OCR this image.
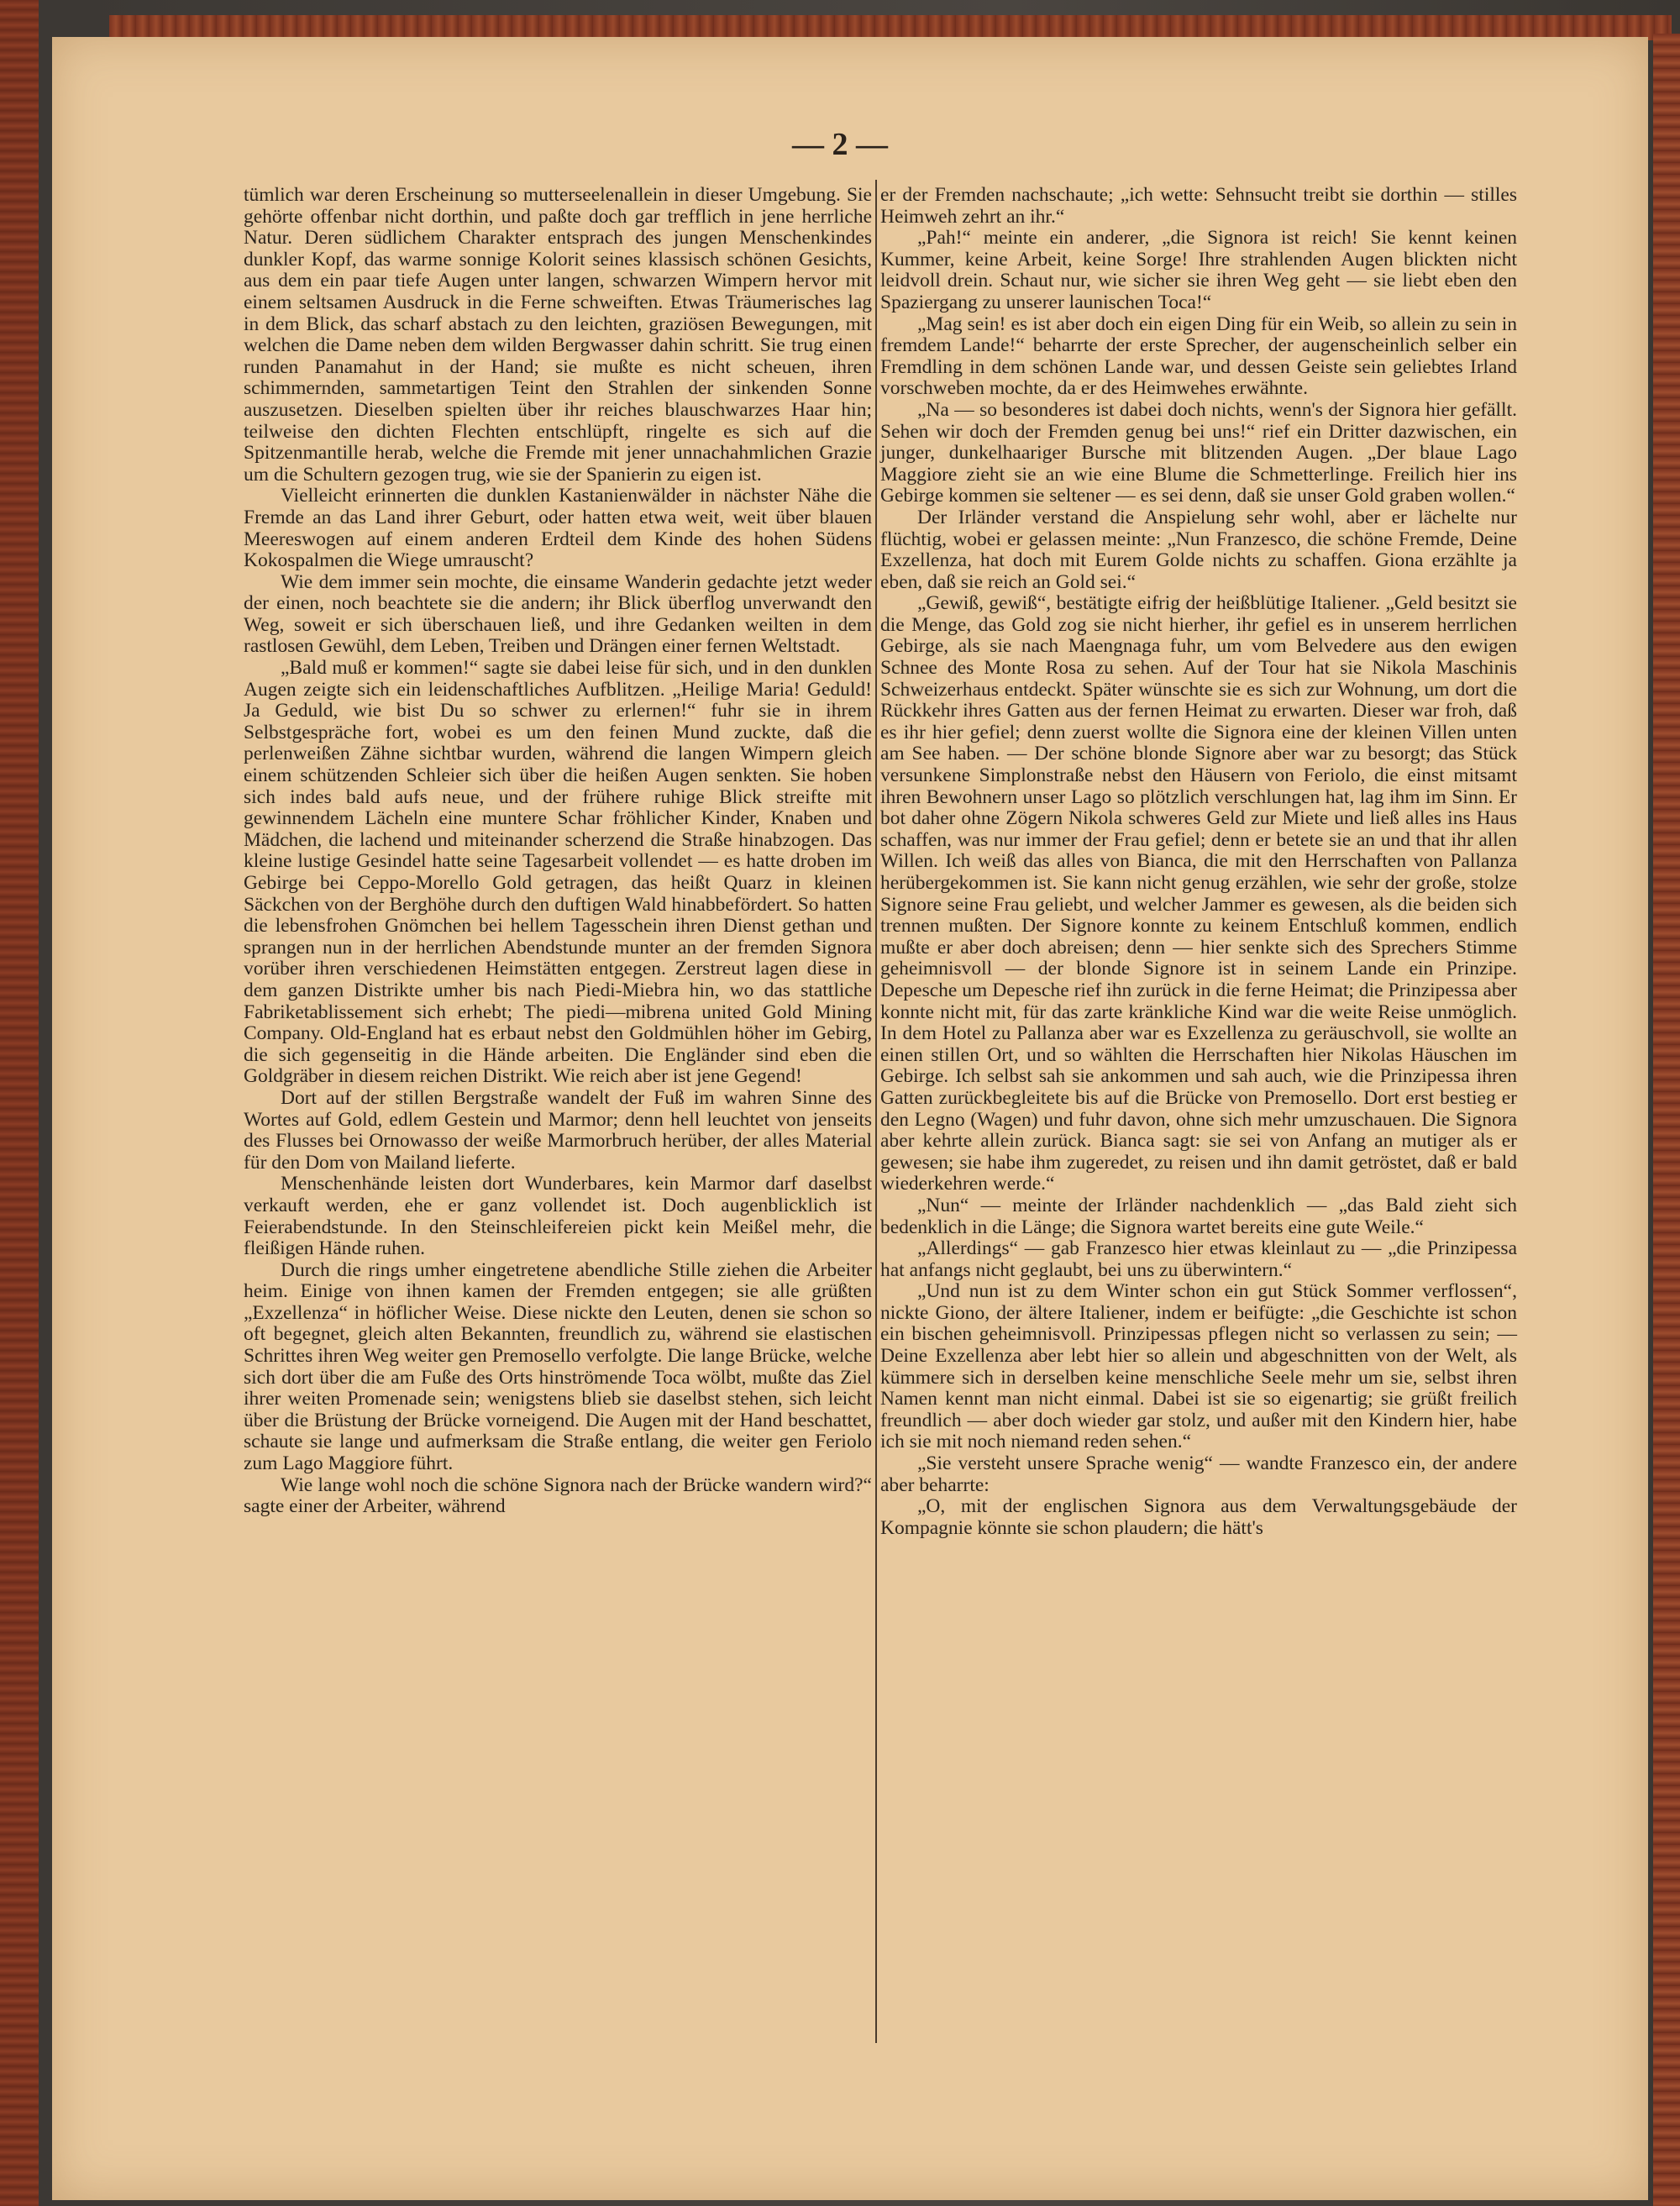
— 2 —

tümlich war deren Erscheinung so mutterseelenallein in dieser Umgebung. Sie gehörte offenbar nicht dorthin, und paßte doch gar trefflich in jene herrliche Natur. Deren südlichem Charakter entsprach des jungen Menschenkindes dunkler Kopf, das warme sonnige Kolorit seines klassisch schönen Gesichts, aus dem ein paar tiefe Augen unter langen, schwarzen Wimpern hervor mit einem seltsamen Ausdruck in die Ferne schweiften. Etwas Träumerisches lag in dem Blick, das scharf abstach zu den leichten, graziösen Bewegungen, mit welchen die Dame neben dem wilden Bergwasser dahin schritt. Sie trug einen runden Panamahut in der Hand; sie mußte es nicht scheuen, ihren schimmernden, sammetartigen Teint den Strahlen der sinkenden Sonne auszusetzen. Dieselben spielten über ihr reiches blauschwarzes Haar hin; teilweise den dichten Flechten entschlüpft, ringelte es sich auf die Spitzenmantille herab, welche die Fremde mit jener unnachahmlichen Grazie um die Schultern gezogen trug, wie sie der Spanierin zu eigen ist.

Vielleicht erinnerten die dunklen Kastanienwälder in nächster Nähe die Fremde an das Land ihrer Geburt, oder hatten etwa weit, weit über blauen Meereswogen auf einem anderen Erdteil dem Kinde des hohen Südens Kokospalmen die Wiege umrauscht?

Wie dem immer sein mochte, die einsame Wanderin gedachte jetzt weder der einen, noch beachtete sie die andern; ihr Blick überflog unverwandt den Weg, soweit er sich überschauen ließ, und ihre Gedanken weilten in dem rastlosen Gewühl, dem Leben, Treiben und Drängen einer fernen Weltstadt.

„Bald muß er kommen!“ sagte sie dabei leise für sich, und in den dunklen Augen zeigte sich ein leidenschaftliches Aufblitzen. „Heilige Maria! Geduld! Ja Geduld, wie bist Du so schwer zu erlernen!“ fuhr sie in ihrem Selbstgespräche fort, wobei es um den feinen Mund zuckte, daß die perlenweißen Zähne sichtbar wurden, während die langen Wimpern gleich einem schützenden Schleier sich über die heißen Augen senkten. Sie hoben sich indes bald aufs neue, und der frühere ruhige Blick streifte mit gewinnendem Lächeln eine muntere Schar fröhlicher Kinder, Knaben und Mädchen, die lachend und miteinander scherzend die Straße hinabzogen. Das kleine lustige Gesindel hatte seine Tagesarbeit vollendet — es hatte droben im Gebirge bei Ceppo-Morello Gold getragen, das heißt Quarz in kleinen Säckchen von der Berghöhe durch den duftigen Wald hinabbefördert. So hatten die lebensfrohen Gnömchen bei hellem Tagesschein ihren Dienst gethan und sprangen nun in der herrlichen Abendstunde munter an der fremden Signora vorüber ihren verschiedenen Heimstätten entgegen. Zerstreut lagen diese in dem ganzen Distrikte umher bis nach Piedi-Miebra hin, wo das stattliche Fabriketablissement sich erhebt; The piedi—mibrena united Gold Mining Company. Old-England hat es erbaut nebst den Goldmühlen höher im Gebirg, die sich gegenseitig in die Hände arbeiten. Die Engländer sind eben die Goldgräber in diesem reichen Distrikt. Wie reich aber ist jene Gegend!

Dort auf der stillen Bergstraße wandelt der Fuß im wahren Sinne des Wortes auf Gold, edlem Gestein und Marmor; denn hell leuchtet von jenseits des Flusses bei Ornowasso der weiße Marmorbruch herüber, der alles Material für den Dom von Mailand lieferte.

Menschenhände leisten dort Wunderbares, kein Marmor darf daselbst verkauft werden, ehe er ganz vollendet ist. Doch augenblicklich ist Feierabendstunde. In den Steinschleifereien pickt kein Meißel mehr, die fleißigen Hände ruhen.

Durch die rings umher eingetretene abendliche Stille ziehen die Arbeiter heim. Einige von ihnen kamen der Fremden entgegen; sie alle grüßten „Exzellenza“ in höflicher Weise. Diese nickte den Leuten, denen sie schon so oft begegnet, gleich alten Bekannten, freundlich zu, während sie elastischen Schrittes ihren Weg weiter gen Premosello verfolgte. Die lange Brücke, welche sich dort über die am Fuße des Orts hinströmende Toca wölbt, mußte das Ziel ihrer weiten Promenade sein; wenigstens blieb sie daselbst stehen, sich leicht über die Brüstung der Brücke vorneigend. Die Augen mit der Hand beschattet, schaute sie lange und aufmerksam die Straße entlang, die weiter gen Feriolo zum Lago Maggiore führt.

Wie lange wohl noch die schöne Signora nach der Brücke wandern wird?“ sagte einer der Arbeiter, während

er der Fremden nachschaute; „ich wette: Sehnsucht treibt sie dorthin — stilles Heimweh zehrt an ihr.“

„Pah!“ meinte ein anderer, „die Signora ist reich! Sie kennt keinen Kummer, keine Arbeit, keine Sorge! Ihre strahlenden Augen blickten nicht leidvoll drein. Schaut nur, wie sicher sie ihren Weg geht — sie liebt eben den Spaziergang zu unserer launischen Toca!“

„Mag sein! es ist aber doch ein eigen Ding für ein Weib, so allein zu sein in fremdem Lande!“ beharrte der erste Sprecher, der augenscheinlich selber ein Fremdling in dem schönen Lande war, und dessen Geiste sein geliebtes Irland vorschweben mochte, da er des Heimwehes erwähnte.

„Na — so besonderes ist dabei doch nichts, wenn's der Signora hier gefällt. Sehen wir doch der Fremden genug bei uns!“ rief ein Dritter dazwischen, ein junger, dunkelhaariger Bursche mit blitzenden Augen. „Der blaue Lago Maggiore zieht sie an wie eine Blume die Schmetterlinge. Freilich hier ins Gebirge kommen sie seltener — es sei denn, daß sie unser Gold graben wollen.“

Der Irländer verstand die Anspielung sehr wohl, aber er lächelte nur flüchtig, wobei er gelassen meinte: „Nun Franzesco, die schöne Fremde, Deine Exzellenza, hat doch mit Eurem Golde nichts zu schaffen. Giona erzählte ja eben, daß sie reich an Gold sei.“

„Gewiß, gewiß“, bestätigte eifrig der heißblütige Italiener. „Geld besitzt sie die Menge, das Gold zog sie nicht hierher, ihr gefiel es in unserem herrlichen Gebirge, als sie nach Maengnaga fuhr, um vom Belvedere aus den ewigen Schnee des Monte Rosa zu sehen. Auf der Tour hat sie Nikola Maschinis Schweizerhaus entdeckt. Später wünschte sie es sich zur Wohnung, um dort die Rückkehr ihres Gatten aus der fernen Heimat zu erwarten. Dieser war froh, daß es ihr hier gefiel; denn zuerst wollte die Signora eine der kleinen Villen unten am See haben. — Der schöne blonde Signore aber war zu besorgt; das Stück versunkene Simplonstraße nebst den Häusern von Feriolo, die einst mitsamt ihren Bewohnern unser Lago so plötzlich verschlungen hat, lag ihm im Sinn. Er bot daher ohne Zögern Nikola schweres Geld zur Miete und ließ alles ins Haus schaffen, was nur immer der Frau gefiel; denn er betete sie an und that ihr allen Willen. Ich weiß das alles von Bianca, die mit den Herrschaften von Pallanza herübergekommen ist. Sie kann nicht genug erzählen, wie sehr der große, stolze Signore seine Frau geliebt, und welcher Jammer es gewesen, als die beiden sich trennen mußten. Der Signore konnte zu keinem Entschluß kommen, endlich mußte er aber doch abreisen; denn — hier senkte sich des Sprechers Stimme geheimnisvoll — der blonde Signore ist in seinem Lande ein Prinzipe. Depesche um Depesche rief ihn zurück in die ferne Heimat; die Prinzipessa aber konnte nicht mit, für das zarte kränkliche Kind war die weite Reise unmöglich. In dem Hotel zu Pallanza aber war es Exzellenza zu geräuschvoll, sie wollte an einen stillen Ort, und so wählten die Herrschaften hier Nikolas Häuschen im Gebirge. Ich selbst sah sie ankommen und sah auch, wie die Prinzipessa ihren Gatten zurückbegleitete bis auf die Brücke von Premosello. Dort erst bestieg er den Legno (Wagen) und fuhr davon, ohne sich mehr umzuschauen. Die Signora aber kehrte allein zurück. Bianca sagt: sie sei von Anfang an mutiger als er gewesen; sie habe ihm zugeredet, zu reisen und ihn damit getröstet, daß er bald wiederkehren werde.“

„Nun“ — meinte der Irländer nachdenklich — „das Bald zieht sich bedenklich in die Länge; die Signora wartet bereits eine gute Weile.“

„Allerdings“ — gab Franzesco hier etwas kleinlaut zu — „die Prinzipessa hat anfangs nicht geglaubt, bei uns zu überwintern.“

„Und nun ist zu dem Winter schon ein gut Stück Sommer verflossen“, nickte Giono, der ältere Italiener, indem er beifügte: „die Geschichte ist schon ein bischen geheimnisvoll. Prinzipessas pflegen nicht so verlassen zu sein; — Deine Exzellenza aber lebt hier so allein und abgeschnitten von der Welt, als kümmere sich in derselben keine menschliche Seele mehr um sie, selbst ihren Namen kennt man nicht einmal. Dabei ist sie so eigenartig; sie grüßt freilich freundlich — aber doch wieder gar stolz, und außer mit den Kindern hier, habe ich sie mit noch niemand reden sehen.“

„Sie versteht unsere Sprache wenig“ — wandte Franzesco ein, der andere aber beharrte:

„O, mit der englischen Signora aus dem Verwaltungsgebäude der Kompagnie könnte sie schon plaudern; die hätt's
